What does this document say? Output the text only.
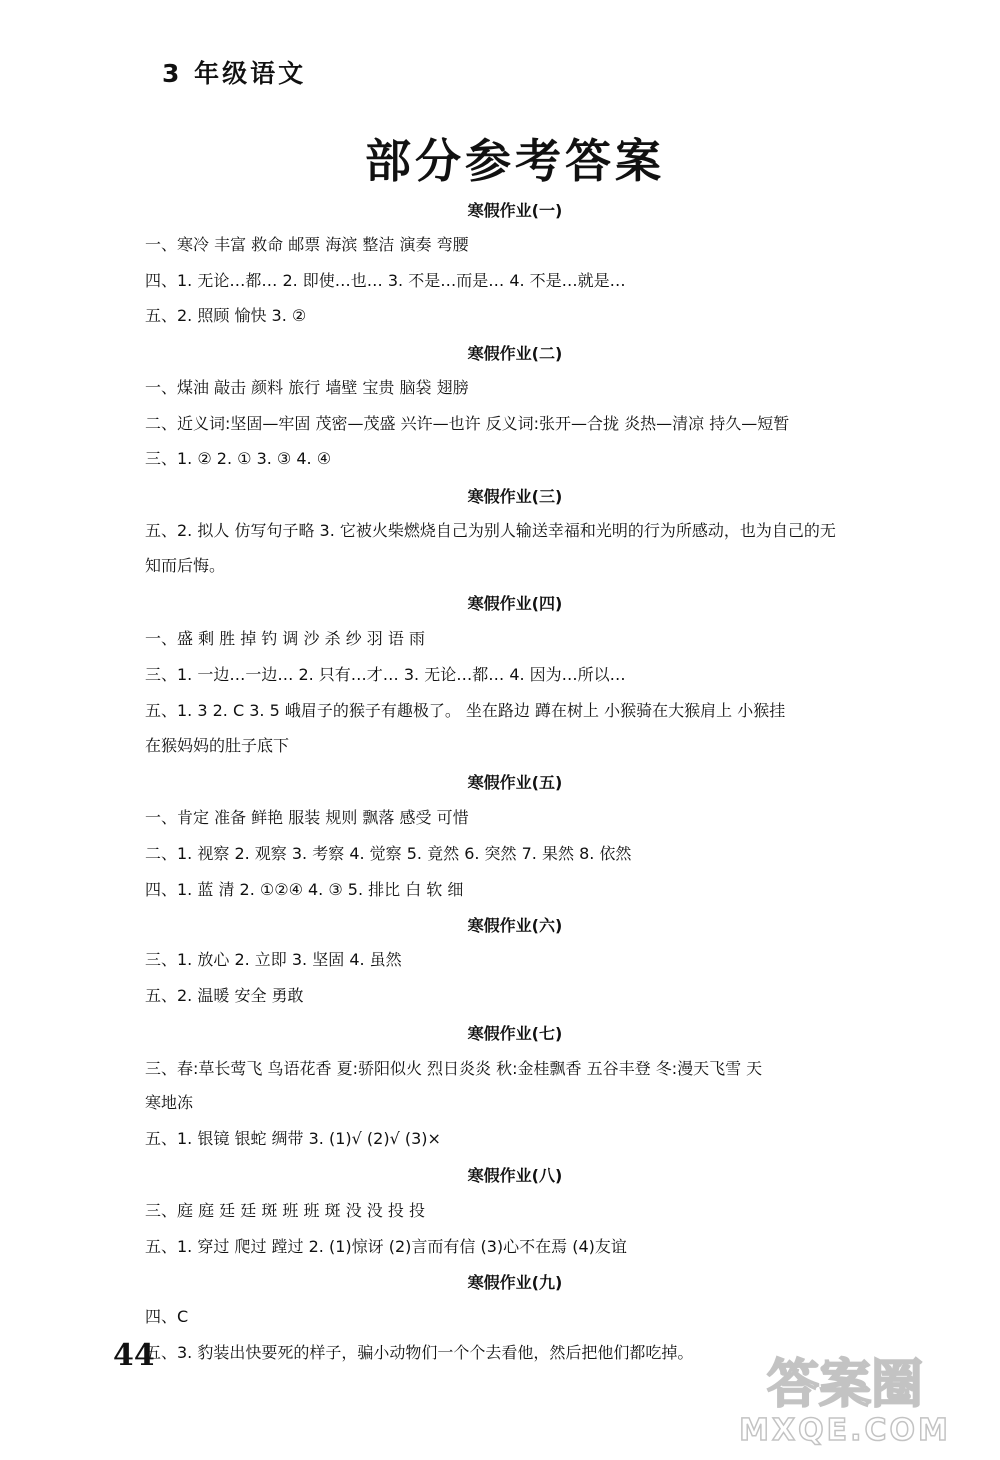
3 年级语文
部分参考答案
寒假作业(一)
一、寒冷 丰富 救命 邮票 海滨 整洁 演奏 弯腰
四、1. 无论…都… 2. 即使…也… 3. 不是…而是… 4. 不是…就是…
五、2. 照顾 愉快 3. ②
寒假作业(二)
一、煤油 敲击 颜料 旅行 墙壁 宝贵 脑袋 翅膀
二、近义词:坚固—牢固 茂密—茂盛 兴许—也许 反义词:张开—合拢 炎热—清凉 持久—短暂
三、1. ② 2. ① 3. ③ 4. ④
寒假作业(三)
五、2. 拟人 仿写句子略 3. 它被火柴燃烧自己为别人输送幸福和光明的行为所感动，也为自己的无
知而后悔。
寒假作业(四)
一、盛 剩 胜 掉 钓 调 沙 杀 纱 羽 语 雨
三、1. 一边…一边… 2. 只有…才… 3. 无论…都… 4. 因为…所以…
五、1. 3 2. C 3. 5 峨眉子的猴子有趣极了。 坐在路边 蹲在树上 小猴骑在大猴肩上 小猴挂
在猴妈妈的肚子底下
寒假作业(五)
一、肯定 准备 鲜艳 服装 规则 飘落 感受 可惜
二、1. 视察 2. 观察 3. 考察 4. 觉察 5. 竟然 6. 突然 7. 果然 8. 依然
四、1. 蓝 清 2. ①②④ 4. ③ 5. 排比 白 软 细
寒假作业(六)
三、1. 放心 2. 立即 3. 坚固 4. 虽然
五、2. 温暖 安全 勇敢
寒假作业(七)
三、春:草长莺飞 鸟语花香 夏:骄阳似火 烈日炎炎 秋:金桂飘香 五谷丰登 冬:漫天飞雪 天
寒地冻
五、1. 银镜 银蛇 绸带 3. (1)√ (2)√ (3)×
寒假作业(八)
三、庭 庭 廷 廷 斑 班 班 斑 没 没 投 投
五、1. 穿过 爬过 蹚过 2. (1)惊讶 (2)言而有信 (3)心不在焉 (4)友谊
寒假作业(九)
四、C
五、3. 豹装出快要死的样子，骗小动物们一个个去看他，然后把他们都吃掉。
44	答案圈
MXQE.COM
